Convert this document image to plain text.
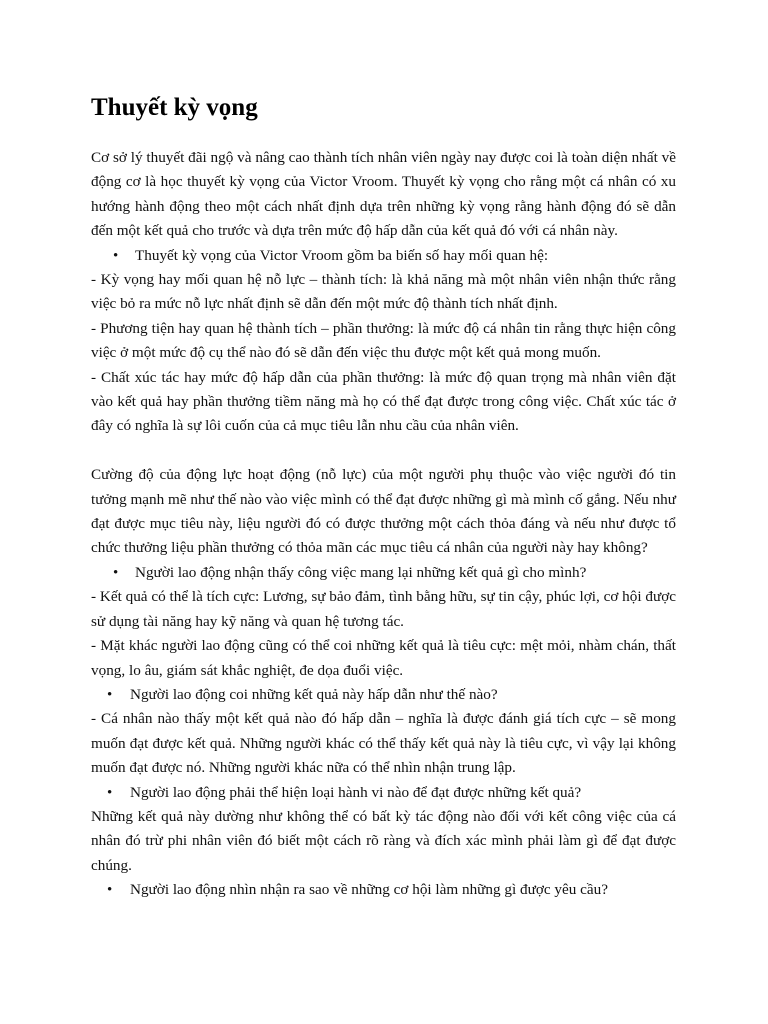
Thuyết kỳ vọng

Cơ sở lý thuyết đãi ngộ và nâng cao thành tích nhân viên ngày nay được coi là toàn diện nhất về động cơ là học thuyết kỳ vọng của Victor Vroom. Thuyết kỳ vọng cho rằng một cá nhân có xu hướng hành động theo một cách nhất định dựa trên những kỳ vọng rằng hành động đó sẽ dẫn đến một kết quả cho trước và dựa trên mức độ hấp dẫn của kết quả đó với cá nhân này.

• Thuyết kỳ vọng của Victor Vroom gồm ba biến số hay mối quan hệ:

- Kỳ vọng hay mối quan hệ nỗ lực – thành tích: là khả năng mà một nhân viên nhận thức rằng việc bỏ ra mức nỗ lực nhất định sẽ dẫn đến một mức độ thành tích nhất định.

- Phương tiện hay quan hệ thành tích – phần thưởng: là mức độ cá nhân tin rằng thực hiện công việc ở một mức độ cụ thể nào đó sẽ dẫn đến việc thu được một kết quả mong muốn.

- Chất xúc tác hay mức độ hấp dẫn của phần thưởng: là mức độ quan trọng mà nhân viên đặt vào kết quả hay phần thưởng tiềm năng mà họ có thể đạt được trong công việc. Chất xúc tác ở đây có nghĩa là sự lôi cuốn của cả mục tiêu lẫn nhu cầu của nhân viên.

Cường độ của động lực hoạt động (nỗ lực) của một người phụ thuộc vào việc người đó tin tưởng mạnh mẽ như thế nào vào việc mình có thể đạt được những gì mà mình cố gắng. Nếu như đạt được mục tiêu này, liệu người đó có được thưởng một cách thỏa đáng và nếu như được tổ chức thưởng liệu phần thưởng có thỏa mãn các mục tiêu cá nhân của người này hay không?

• Người lao động nhận thấy công việc mang lại những kết quả gì cho mình?

- Kết quả có thể là tích cực: Lương, sự bảo đảm, tình bằng hữu, sự tin cậy, phúc lợi, cơ hội được sử dụng tài năng hay kỹ năng và quan hệ tương tác.

- Mặt khác người lao động cũng có thể coi những kết quả là tiêu cực: mệt mỏi, nhàm chán, thất vọng, lo âu, giám sát khắc nghiệt, đe dọa đuổi việc.

• Người lao động coi những kết quả này hấp dẫn như thế nào?

- Cá nhân nào thấy một kết quả nào đó hấp dẫn – nghĩa là được đánh giá tích cực – sẽ mong muốn đạt được kết quả. Những người khác có thể thấy kết quả này là tiêu cực, vì vậy lại không muốn đạt được nó. Những người khác nữa có thể nhìn nhận trung lập.

• Người lao động phải thể hiện loại hành vi nào để đạt được những kết quả?

Những kết quả này dường như không thể có bất kỳ tác động nào đối với kết công việc của cá nhân đó trừ phi nhân viên đó biết một cách rõ ràng và đích xác mình phải làm gì để đạt được chúng.

• Người lao động nhìn nhận ra sao về những cơ hội làm những gì được yêu cầu?
